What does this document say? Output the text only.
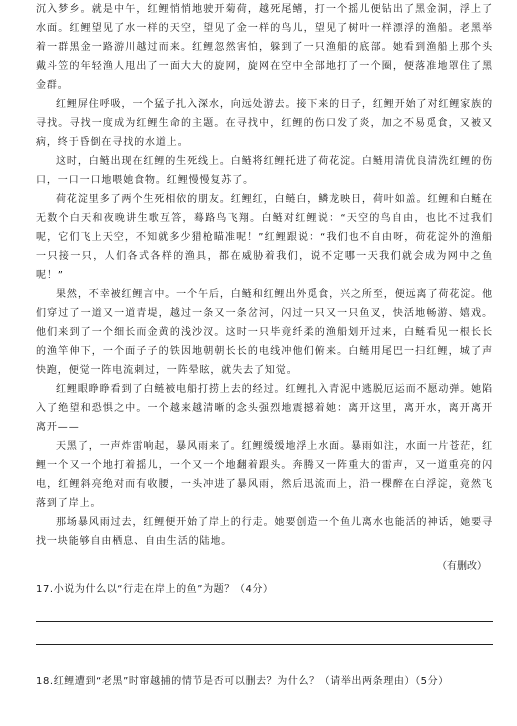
沉入梦乡。就是中午，红鲤悄悄地驶开菊荷，越死尾鳍，打一个摇儿便钻出了黑金洞，浮上了水面。红鲤望见了水一样的天空，望见了金一样的鸟儿，望见了树叶一样漂浮的渔船。老黑举着一群黑金一路游川越过而来。红鲤忽然害怕，躲到了一只渔船的底部。她看到渔船上那个头戴斗笠的年轻渔人甩出了一面大大的旋网，旋网在空中全部地打了一个圈，便落准地罩住了黑金群。

红鲤屏住呼吸，一个猛子扎入深水，向远处游去。接下来的日子，红鲤开始了对红鲤家族的寻找。寻找一度成为红鲤生命的主题。在寻找中，红鲤的伤口发了炎，加之不易觅食，又被又病，终于昏倒在寻找的水道上。

这时，白鲢出现在红鲤的生死线上。白鲢将红鲤托进了荷花淀。白鲢用清优良清洗红鲤的伤口，一口一口地喂她食物。红鲤慢慢复苏了。

荷花淀里多了两个生死相依的朋友。红鲤红，白鲢白，鳞龙映日，荷叶如盖。红鲤和白鲢在无数个白天和夜晚讲生歌互答，蓦路鸟飞翔。白鲢对红鲤说：“天空的鸟自由，也比不过我们呢，它们飞上天空，不知就多少猎枪瞄准呢！”红鲤跟说：“我们也不自由呀，荷花淀外的渔船一只接一只，人们各式各样的渔具，都在威胁着我们，说不定哪一天我们就会成为网中之鱼呢！”

果然，不幸被红鲤言中。一个午后，白鲢和红鲤出外觅食，兴之所至，便远离了荷花淀。他们穿过了一道又一道青堤，越过一条又一条岔河，闪过一只又一只鱼叉，快活地畅游、嬉戏。他们来到了一个细长而金黄的浅沙汊。这时一只毕竟纤柔的渔船划开过来，白鲢看见一根长长的渔竿伸下，一个面子子的铁因地朝朝长长的电线冲他们俯来。白鲢用尾巴一扫红鲤，城了声快跑，便觉一阵电流刺过，一阵晕眩，就失去了知觉。

红鲤眼睁睁看到了白鲢被电船打捞上去的经过。红鲤扎入青泥中逃脱厄运而不愿动弹。她陷入了绝望和恐惧之中。一个越来越清晰的念头强烈地震撼着她：离开这里，离开水，离开离开离开——

天黑了，一声炸雷响起，暴风雨来了。红鲤缓缓地浮上水面。暴雨如注，水面一片苍茫，红鲤一个又一个地打着摇儿，一个又一个地翻着跟头。奔腾又一阵重大的雷声，又一道重亮的闪电，红鲤斜亮绝对而有收腰，一头冲进了暴风雨，然后迅流而上，沿一棵醉在白浮淀，竟然飞落到了岸上。

那场暴风雨过去，红鲤便开始了岸上的行走。她要创造一个鱼儿离水也能活的神话，她要寻找一块能够自由栖息、自由生活的陆地。

（有删改）

17.小说为什么以“行走在岸上的鱼”为题？（4分）

18.红鲤遭到“老黑”时窜越捕的情节是否可以删去？为什么？（请举出两条理由）（5分）
